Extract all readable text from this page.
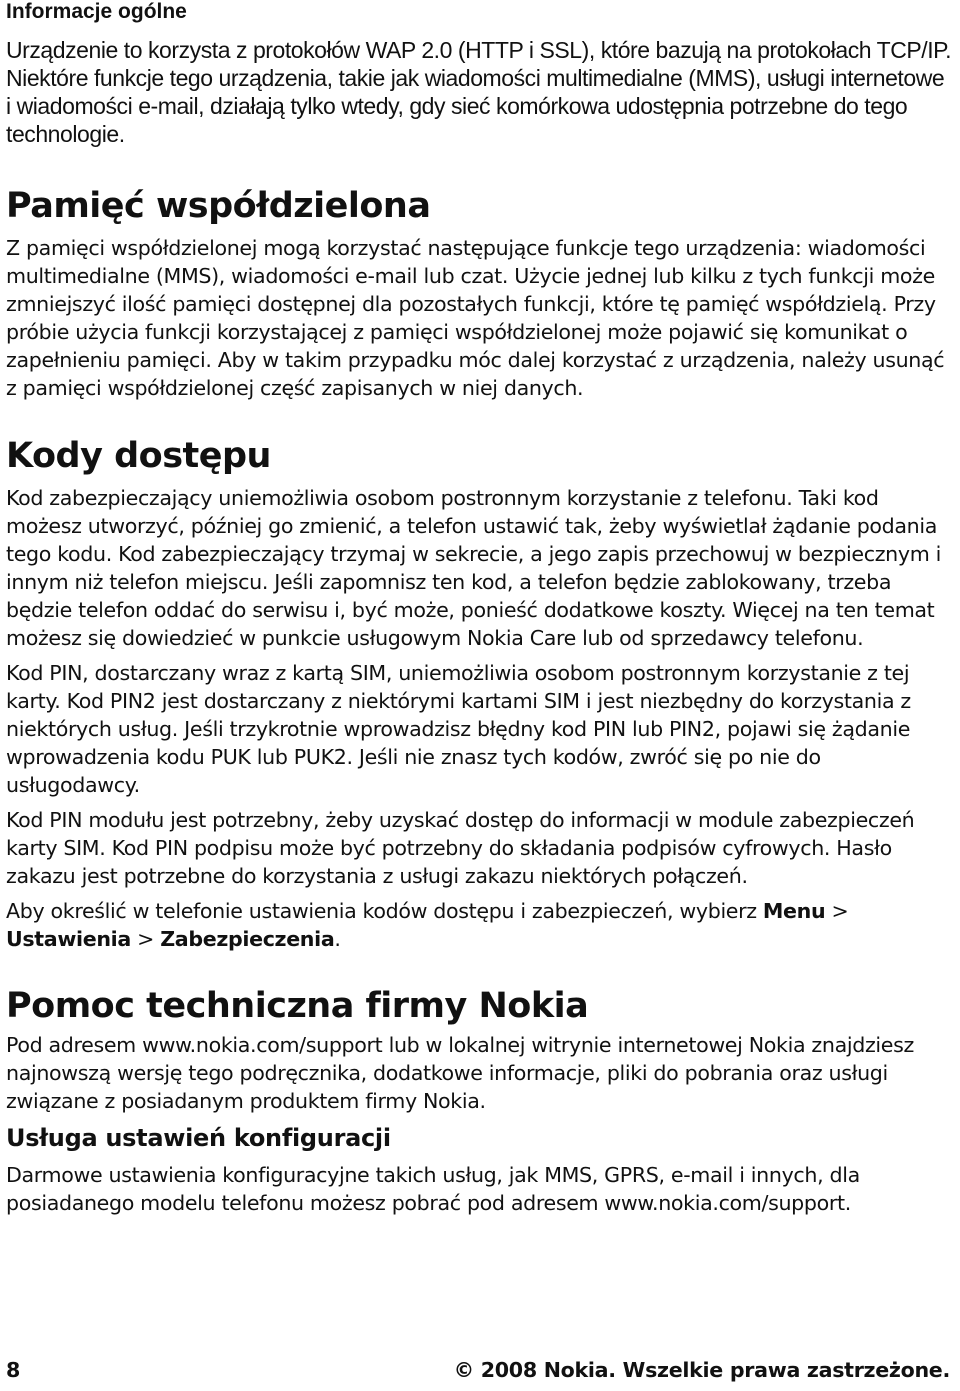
Informacje ogólne

Urządzenie to korzysta z protokołów WAP 2.0 (HTTP i SSL), które bazują na protokołach TCP/IP. Niektóre funkcje tego urządzenia, takie jak wiadomości multimedialne (MMS), usługi internetowe i wiadomości e-mail, działają tylko wtedy, gdy sieć komórkowa udostępnia potrzebne do tego technologie.

Pamięć współdzielona

Z pamięci współdzielonej mogą korzystać następujące funkcje tego urządzenia: wiadomości multimedialne (MMS), wiadomości e-mail lub czat. Użycie jednej lub kilku z tych funkcji może zmniejszyć ilość pamięci dostępnej dla pozostałych funkcji, które tę pamięć współdzielą. Przy próbie użycia funkcji korzystającej z pamięci współdzielonej może pojawić się komunikat o zapełnieniu pamięci. Aby w takim przypadku móc dalej korzystać z urządzenia, należy usunąć z pamięci współdzielonej część zapisanych w niej danych.

Kody dostępu

Kod zabezpieczający uniemożliwia osobom postronnym korzystanie z telefonu. Taki kod możesz utworzyć, później go zmienić, a telefon ustawić tak, żeby wyświetlał żądanie podania tego kodu. Kod zabezpieczający trzymaj w sekrecie, a jego zapis przechowuj w bezpiecznym i innym niż telefon miejscu. Jeśli zapomnisz ten kod, a telefon będzie zablokowany, trzeba będzie telefon oddać do serwisu i, być może, ponieść dodatkowe koszty. Więcej na ten temat możesz się dowiedzieć w punkcie usługowym Nokia Care lub od sprzedawcy telefonu.

Kod PIN, dostarczany wraz z kartą SIM, uniemożliwia osobom postronnym korzystanie z tej karty. Kod PIN2 jest dostarczany z niektórymi kartami SIM i jest niezbędny do korzystania z niektórych usług. Jeśli trzykrotnie wprowadzisz błędny kod PIN lub PIN2, pojawi się żądanie wprowadzenia kodu PUK lub PUK2. Jeśli nie znasz tych kodów, zwróć się po nie do usługodawcy.

Kod PIN modułu jest potrzebny, żeby uzyskać dostęp do informacji w module zabezpieczeń karty SIM. Kod PIN podpisu może być potrzebny do składania podpisów cyfrowych. Hasło zakazu jest potrzebne do korzystania z usługi zakazu niektórych połączeń.

Aby określić w telefonie ustawienia kodów dostępu i zabezpieczeń, wybierz Menu > Ustawienia > Zabezpieczenia.

Pomoc techniczna firmy Nokia

Pod adresem www.nokia.com/support lub w lokalnej witrynie internetowej Nokia znajdziesz najnowszą wersję tego podręcznika, dodatkowe informacje, pliki do pobrania oraz usługi związane z posiadanym produktem firmy Nokia.

Usługa ustawień konfiguracji

Darmowe ustawienia konfiguracyjne takich usług, jak MMS, GPRS, e-mail i innych, dla posiadanego modelu telefonu możesz pobrać pod adresem www.nokia.com/support.

8	© 2008 Nokia. Wszelkie prawa zastrzeżone.
